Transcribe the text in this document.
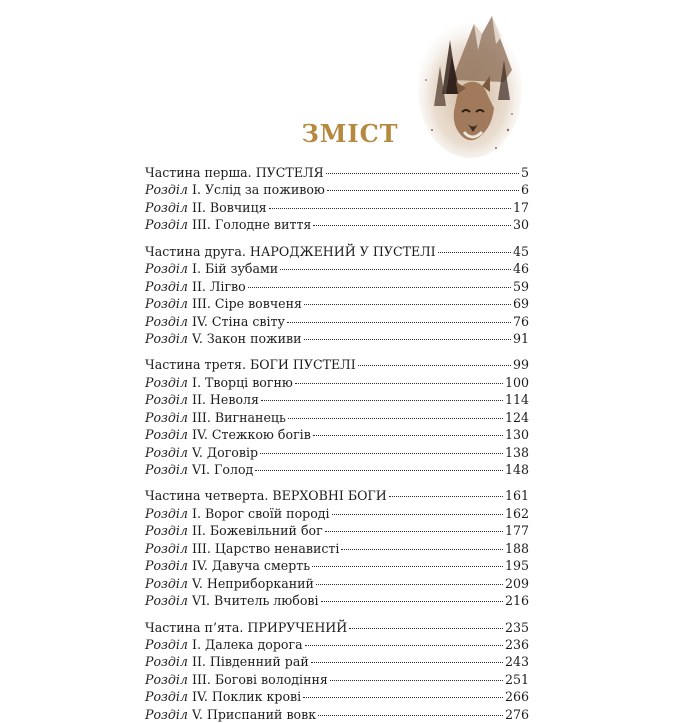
ЗМІСТ
Частина перша. ПУСТЕЛЯ	5
Розділ I. Услід за поживою	6
Розділ II. Вовчиця	17
Розділ III. Голодне виття	30
Частина друга. НАРОДЖЕНИЙ У ПУСТЕЛІ	45
Розділ I. Бій зубами	46
Розділ II. Лігво	59
Розділ III. Сіре вовченя	69
Розділ IV. Стіна світу	76
Розділ V. Закон поживи	91
Частина третя. БОГИ ПУСТЕЛІ	99
Розділ I. Творці вогню	100
Розділ II. Неволя	114
Розділ III. Вигнанець	124
Розділ IV. Стежкою богів	130
Розділ V. Договір	138
Розділ VI. Голод	148
Частина четверта. ВЕРХОВНІ БОГИ	161
Розділ I. Ворог своїй породі	162
Розділ II. Божевільний бог	177
Розділ III. Царство ненависті	188
Розділ IV. Давуча смерть	195
Розділ V. Неприборканий	209
Розділ VI. Вчитель любові	216
Частина п’ята. ПРИРУЧЕНИЙ	235
Розділ I. Далека дорога	236
Розділ II. Південний рай	243
Розділ III. Богові володіння	251
Розділ IV. Поклик крові	266
Розділ V. Приспаний вовк	276
